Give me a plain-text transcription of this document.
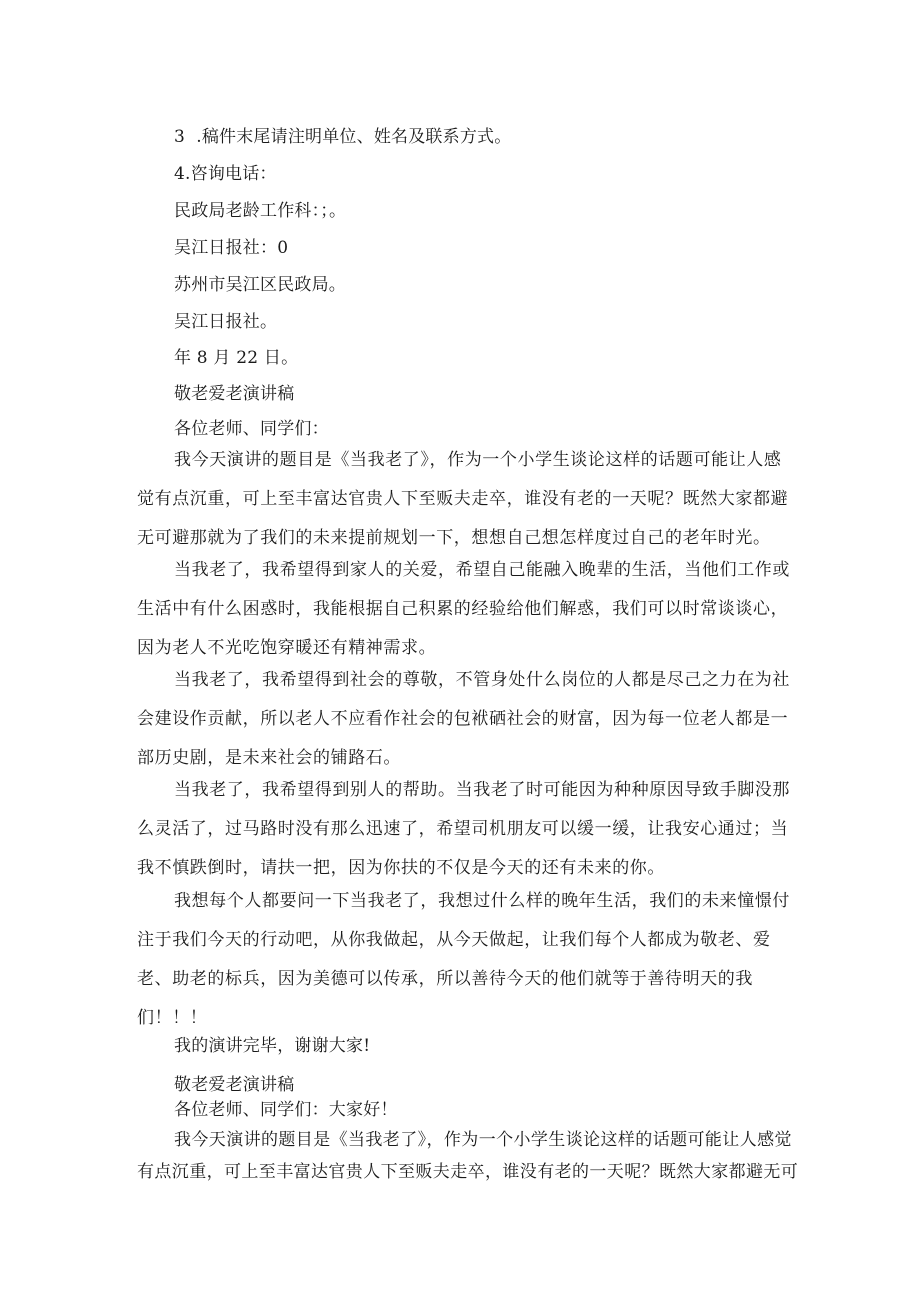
3  .稿件末尾请注明单位、姓名及联系方式。
4.咨询电话：
民政局老龄工作科：；。
吴江日报社：0
苏州市吴江区民政局。
吴江日报社。
年 8 月 22 日。
敬老爱老演讲稿
各位老师、同学们：
我今天演讲的题目是《当我老了》，作为一个小学生谈论这样的话题可能让人感
觉有点沉重，可上至丰富达官贵人下至贩夫走卒，谁没有老的一天呢？既然大家都避
无可避那就为了我们的未来提前规划一下，想想自己想怎样度过自己的老年时光。
当我老了，我希望得到家人的关爱，希望自己能融入晚辈的生活，当他们工作或
生活中有什么困惑时，我能根据自己积累的经验给他们解惑，我们可以时常谈谈心，
因为老人不光吃饱穿暖还有精神需求。
当我老了，我希望得到社会的尊敬，不管身处什么岗位的人都是尽己之力在为社
会建设作贡献，所以老人不应看作社会的包袱硒社会的财富，因为每一位老人都是一
部历史剧，是未来社会的铺路石。
当我老了，我希望得到别人的帮助。当我老了时可能因为种种原因导致手脚没那
么灵活了，过马路时没有那么迅速了，希望司机朋友可以缓一缓，让我安心通过；当
我不慎跌倒时，请扶一把，因为你扶的不仅是今天的还有未来的你。
我想每个人都要问一下当我老了，我想过什么样的晚年生活，我们的未来憧憬付
注于我们今天的行动吧，从你我做起，从今天做起，让我们每个人都成为敬老、爱
老、助老的标兵，因为美德可以传承，所以善待今天的他们就等于善待明天的我
们！！！
我的演讲完毕，谢谢大家!
敬老爱老演讲稿
各位老师、同学们：大家好！
我今天演讲的题目是《当我老了》，作为一个小学生谈论这样的话题可能让人感觉
有点沉重，可上至丰富达官贵人下至贩夫走卒，谁没有老的一天呢？既然大家都避无可
